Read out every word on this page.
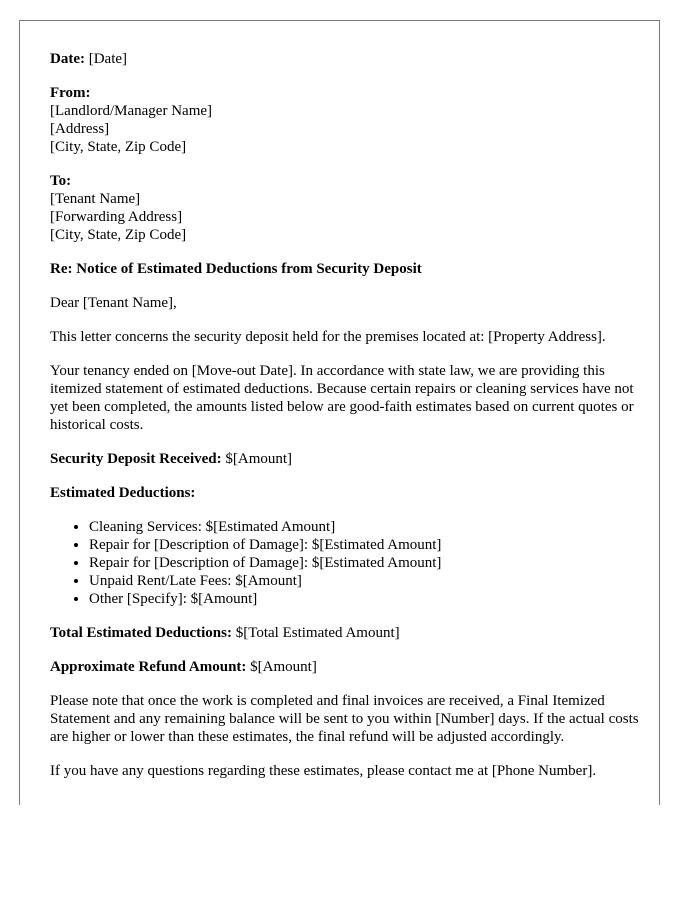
Date: [Date]
From:
[Landlord/Manager Name]
[Address]
[City, State, Zip Code]
To:
[Tenant Name]
[Forwarding Address]
[City, State, Zip Code]

Re: Notice of Estimated Deductions from Security Deposit

Dear [Tenant Name],

This letter concerns the security deposit held for the premises located at: [Property Address].

Your tenancy ended on [Move-out Date]. In accordance with state law, we are providing this itemized statement of estimated deductions. Because certain repairs or cleaning services have not yet been completed, the amounts listed below are good-faith estimates based on current quotes or historical costs.

Security Deposit Received: $[Amount]

Estimated Deductions:

• Cleaning Services: $[Estimated Amount]
• Repair for [Description of Damage]: $[Estimated Amount]
• Repair for [Description of Damage]: $[Estimated Amount]
• Unpaid Rent/Late Fees: $[Amount]
• Other [Specify]: $[Amount]

Total Estimated Deductions: $[Total Estimated Amount]

Approximate Refund Amount: $[Amount]

Please note that once the work is completed and final invoices are received, a Final Itemized Statement and any remaining balance will be sent to you within [Number] days. If the actual costs are higher or lower than these estimates, the final refund will be adjusted accordingly.

If you have any questions regarding these estimates, please contact me at [Phone Number].
